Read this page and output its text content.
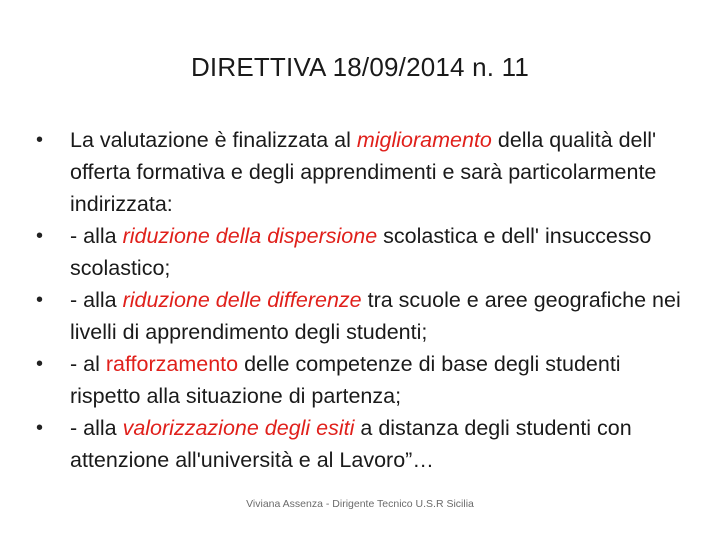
DIRETTIVA 18/09/2014 n. 11
•	La valutazione è finalizzata al miglioramento della qualità dell' offerta formativa e degli apprendimenti e sarà particolarmente indirizzata:
•	- alla riduzione della dispersione scolastica e dell' insuccesso scolastico;
•	- alla riduzione delle differenze tra scuole e aree geografiche nei livelli di apprendimento degli studenti;
•	- al rafforzamento delle competenze di base degli studenti rispetto alla situazione di partenza;
•	- alla valorizzazione degli esiti a distanza degli studenti con attenzione all'università e al Lavoro”…
Viviana Assenza - Dirigente Tecnico U.S.R Sicilia
